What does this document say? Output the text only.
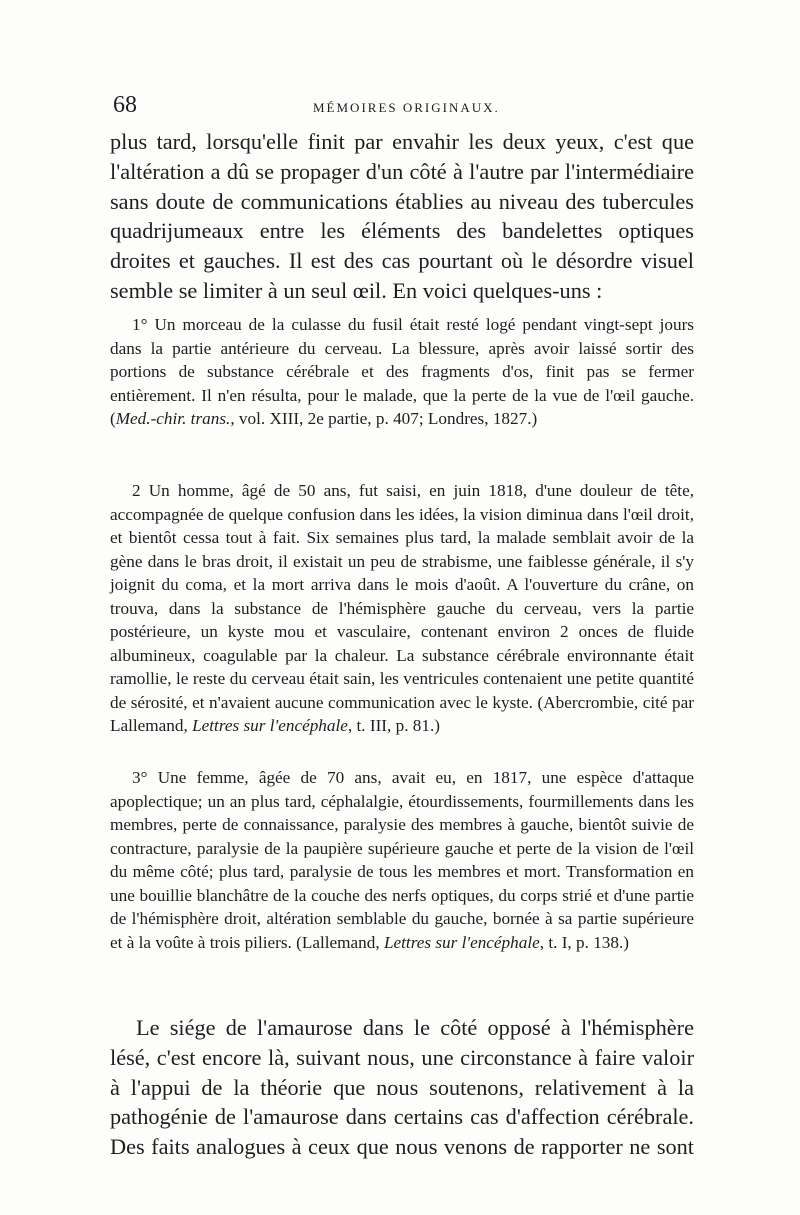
68	MÉMOIRES ORIGINAUX.

plus tard, lorsqu'elle finit par envahir les deux yeux, c'est que l'altération a dû se propager d'un côté à l'autre par l'intermédiaire sans doute de communications établies au niveau des tubercules quadrijumeaux entre les éléments des bandelettes optiques droites et gauches. Il est des cas pourtant où le désordre visuel semble se limiter à un seul œil. En voici quelques-uns :

1° Un morceau de la culasse du fusil était resté logé pendant vingt-sept jours dans la partie antérieure du cerveau. La blessure, après avoir laissé sortir des portions de substance cérébrale et des fragments d'os, finit pas se fermer entièrement. Il n'en résulta, pour le malade, que la perte de la vue de l'œil gauche. (Med.-chir. trans., vol. XIII, 2e partie, p. 407; Londres, 1827.)

2 Un homme, âgé de 50 ans, fut saisi, en juin 1818, d'une douleur de tête, accompagnée de quelque confusion dans les idées, la vision diminua dans l'œil droit, et bientôt cessa tout à fait. Six semaines plus tard, la malade semblait avoir de la gène dans le bras droit, il existait un peu de strabisme, une faiblesse générale, il s'y joignit du coma, et la mort arriva dans le mois d'août. A l'ouverture du crâne, on trouva, dans la substance de l'hémisphère gauche du cerveau, vers la partie postérieure, un kyste mou et vasculaire, contenant environ 2 onces de fluide albumineux, coagulable par la chaleur. La substance cérébrale environnante était ramollie, le reste du cerveau était sain, les ventricules contenaient une petite quantité de sérosité, et n'avaient aucune communication avec le kyste. (Abercrombie, cité par Lallemand, Lettres sur l'encéphale, t. III, p. 81.)

3° Une femme, âgée de 70 ans, avait eu, en 1817, une espèce d'attaque apoplectique; un an plus tard, céphalalgie, étourdissements, fourmillements dans les membres, perte de connaissance, paralysie des membres à gauche, bientôt suivie de contracture, paralysie de la paupière supérieure gauche et perte de la vision de l'œil du même côté; plus tard, paralysie de tous les membres et mort. Transformation en une bouillie blanchâtre de la couche des nerfs optiques, du corps strié et d'une partie de l'hémisphère droit, altération semblable du gauche, bornée à sa partie supérieure et à la voûte à trois piliers. (Lallemand, Lettres sur l'encéphale, t. I, p. 138.)

Le siége de l'amaurose dans le côté opposé à l'hémisphère lésé, c'est encore là, suivant nous, une circonstance à faire valoir à l'appui de la théorie que nous soutenons, relativement à la pathogénie de l'amaurose dans certains cas d'affection cérébrale. Des faits analogues à ceux que nous venons de rapporter ne sont
